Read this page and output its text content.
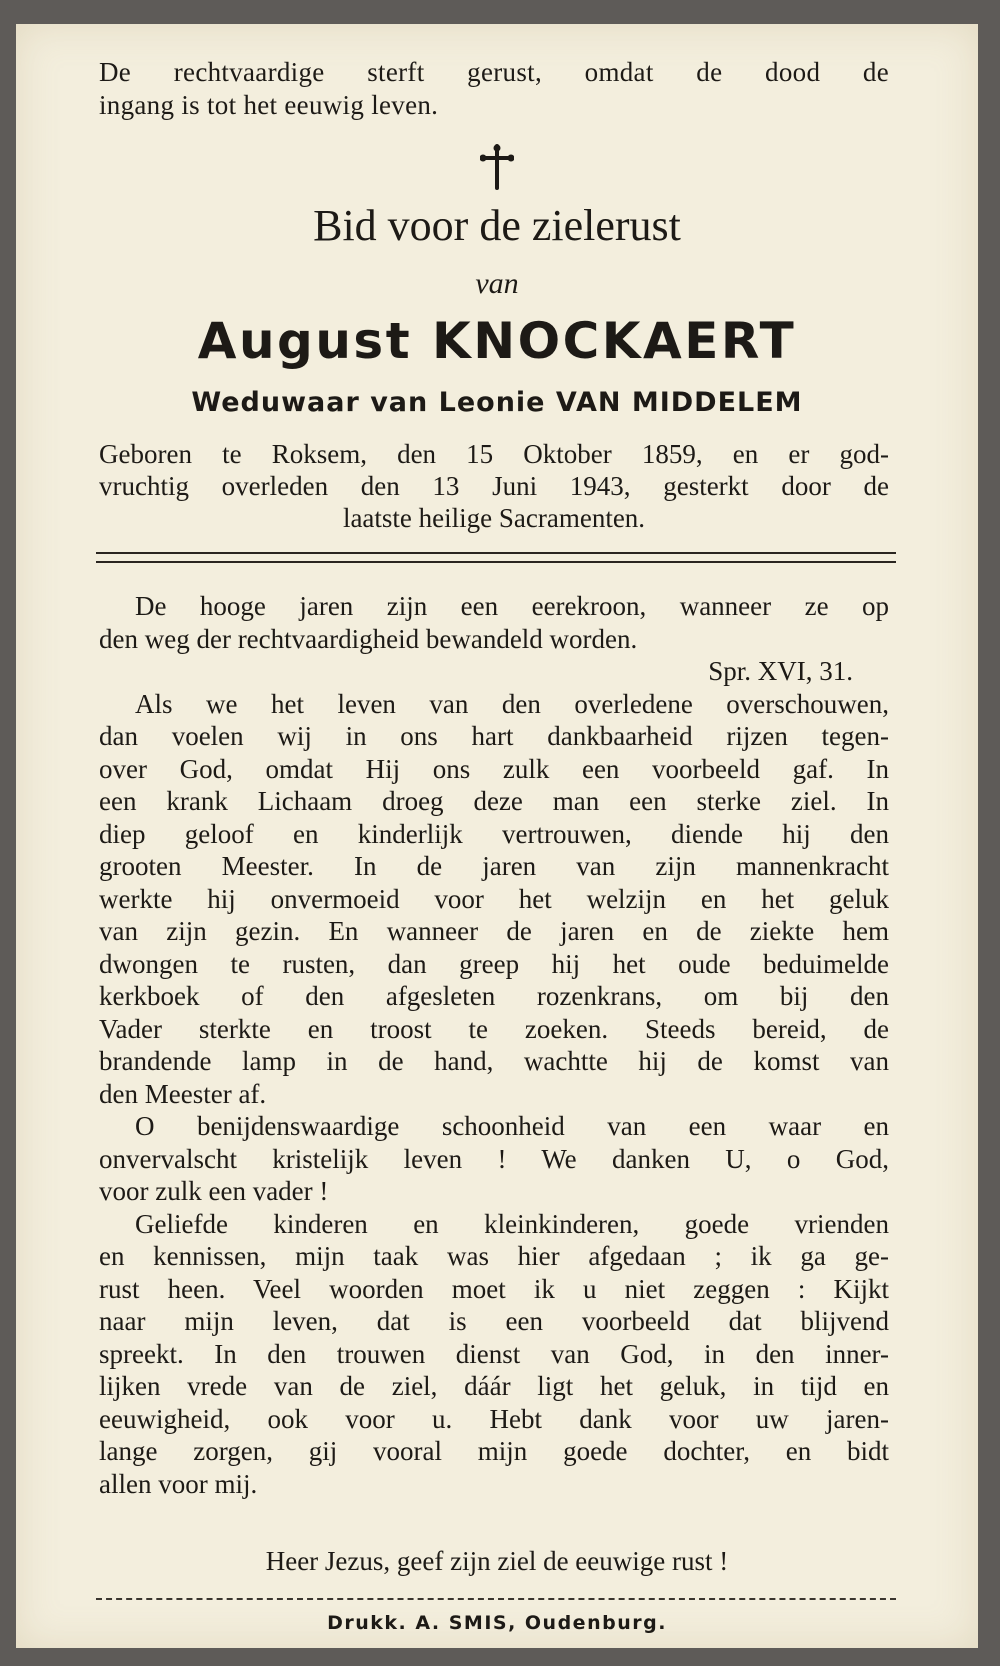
De rechtvaardige sterft gerust, omdat de dood de

ingang is tot het eeuwig leven.

Bid voor de zielerust
van
August KNOCKAERT
Weduwaar van Leonie VAN MIDDELEM

Geboren te Roksem, den 15 Oktober 1859, en er god-

vruchtig overleden den 13 Juni 1943, gesterkt door de

laatste heilige Sacramenten.

De hooge jaren zijn een eerekroon, wanneer ze op

den weg der rechtvaardigheid bewandeld worden.

Spr. XVI, 31.

Als we het leven van den overledene overschouwen,

dan voelen wij in ons hart dankbaarheid rijzen tegen-

over God, omdat Hij ons zulk een voorbeeld gaf. In

een krank Lichaam droeg deze man een sterke ziel. In

diep geloof en kinderlijk vertrouwen, diende hij den

grooten Meester. In de jaren van zijn mannenkracht

werkte hij onvermoeid voor het welzijn en het geluk

van zijn gezin. En wanneer de jaren en de ziekte hem

dwongen te rusten, dan greep hij het oude beduimelde

kerkboek of den afgesleten rozenkrans, om bij den

Vader sterkte en troost te zoeken. Steeds bereid, de

brandende lamp in de hand, wachtte hij de komst van

den Meester af.

O benijdenswaardige schoonheid van een waar en

onvervalscht kristelijk leven ! We danken U, o God,

voor zulk een vader !

Geliefde kinderen en kleinkinderen, goede vrienden

en kennissen, mijn taak was hier afgedaan ; ik ga ge-

rust heen. Veel woorden moet ik u niet zeggen : Kijkt

naar mijn leven, dat is een voorbeeld dat blijvend

spreekt. In den trouwen dienst van God, in den inner-

lijken vrede van de ziel, dáár ligt het geluk, in tijd en

eeuwigheid, ook voor u. Hebt dank voor uw jaren-

lange zorgen, gij vooral mijn goede dochter, en bidt

allen voor mij.

Heer Jezus, geef zijn ziel de eeuwige rust !
Drukk. A. SMIS, Oudenburg.
